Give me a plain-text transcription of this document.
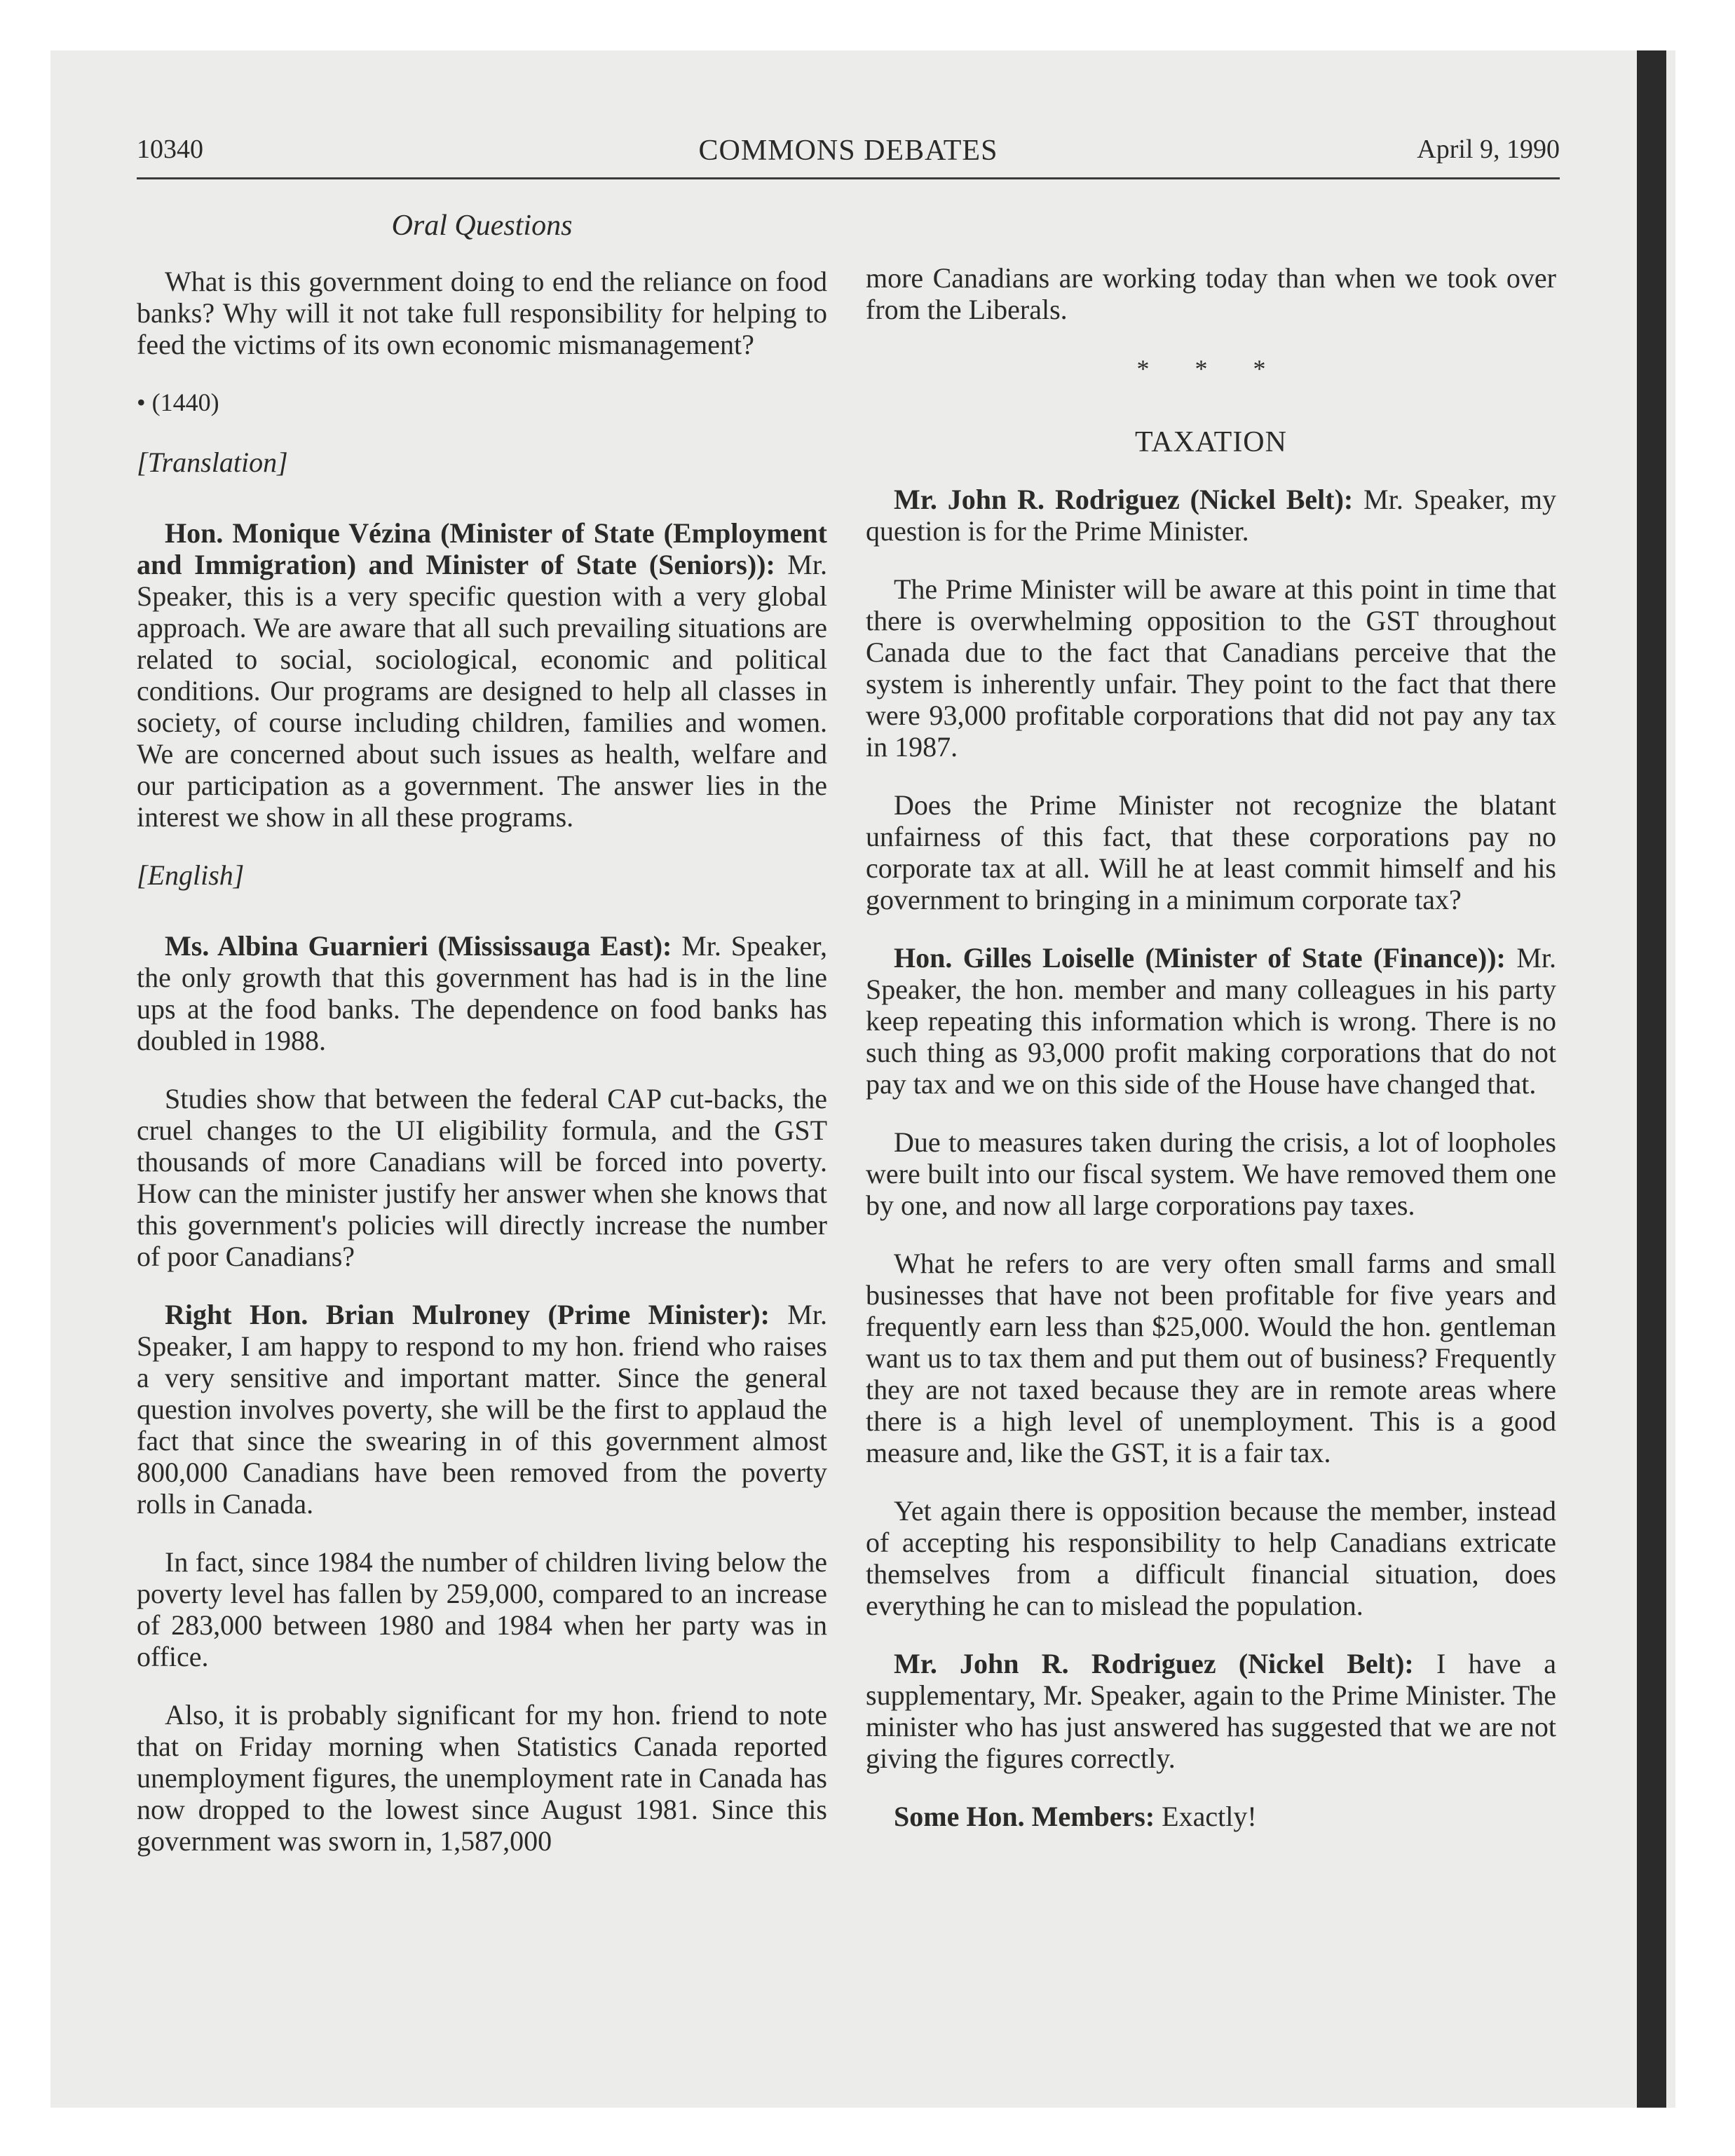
10340	COMMONS DEBATES	April 9, 1990
Oral Questions

What is this government doing to end the reliance on food banks? Why will it not take full responsibility for helping to feed the victims of its own economic mismanagement?

• (1440)
[Translation]

Hon. Monique Vézina (Minister of State (Employment and Immigration) and Minister of State (Seniors)): Mr. Speaker, this is a very specific question with a very global approach. We are aware that all such prevailing situations are related to social, sociological, economic and political conditions. Our programs are designed to help all classes in society, of course including children, families and women. We are concerned about such issues as health, welfare and our participation as a government. The answer lies in the interest we show in all these programs.

[English]

Ms. Albina Guarnieri (Mississauga East): Mr. Speaker, the only growth that this government has had is in the line ups at the food banks. The dependence on food banks has doubled in 1988.

Studies show that between the federal CAP cut-backs, the cruel changes to the UI eligibility formula, and the GST thousands of more Canadians will be forced into poverty. How can the minister justify her answer when she knows that this government's policies will directly increase the number of poor Canadians?

Right Hon. Brian Mulroney (Prime Minister): Mr. Speaker, I am happy to respond to my hon. friend who raises a very sensitive and important matter. Since the general question involves poverty, she will be the first to applaud the fact that since the swearing in of this government almost 800,000 Canadians have been removed from the poverty rolls in Canada.

In fact, since 1984 the number of children living below the poverty level has fallen by 259,000, compared to an increase of 283,000 between 1980 and 1984 when her party was in office.

Also, it is probably significant for my hon. friend to note that on Friday morning when Statistics Canada reported unemployment figures, the unemployment rate in Canada has now dropped to the lowest since August 1981. Since this government was sworn in, 1,587,000

more Canadians are working today than when we took over from the Liberals.

* * *
TAXATION

Mr. John R. Rodriguez (Nickel Belt): Mr. Speaker, my question is for the Prime Minister.

The Prime Minister will be aware at this point in time that there is overwhelming opposition to the GST throughout Canada due to the fact that Canadians perceive that the system is inherently unfair. They point to the fact that there were 93,000 profitable corporations that did not pay any tax in 1987.

Does the Prime Minister not recognize the blatant unfairness of this fact, that these corporations pay no corporate tax at all. Will he at least commit himself and his government to bringing in a minimum corporate tax?

Hon. Gilles Loiselle (Minister of State (Finance)): Mr. Speaker, the hon. member and many colleagues in his party keep repeating this information which is wrong. There is no such thing as 93,000 profit making corporations that do not pay tax and we on this side of the House have changed that.

Due to measures taken during the crisis, a lot of loopholes were built into our fiscal system. We have removed them one by one, and now all large corporations pay taxes.

What he refers to are very often small farms and small businesses that have not been profitable for five years and frequently earn less than $25,000. Would the hon. gentleman want us to tax them and put them out of business? Frequently they are not taxed because they are in remote areas where there is a high level of unemployment. This is a good measure and, like the GST, it is a fair tax.

Yet again there is opposition because the member, instead of accepting his responsibility to help Canadians extricate themselves from a difficult financial situation, does everything he can to mislead the population.

Mr. John R. Rodriguez (Nickel Belt): I have a supplementary, Mr. Speaker, again to the Prime Minister. The minister who has just answered has suggested that we are not giving the figures correctly.

Some Hon. Members: Exactly!
